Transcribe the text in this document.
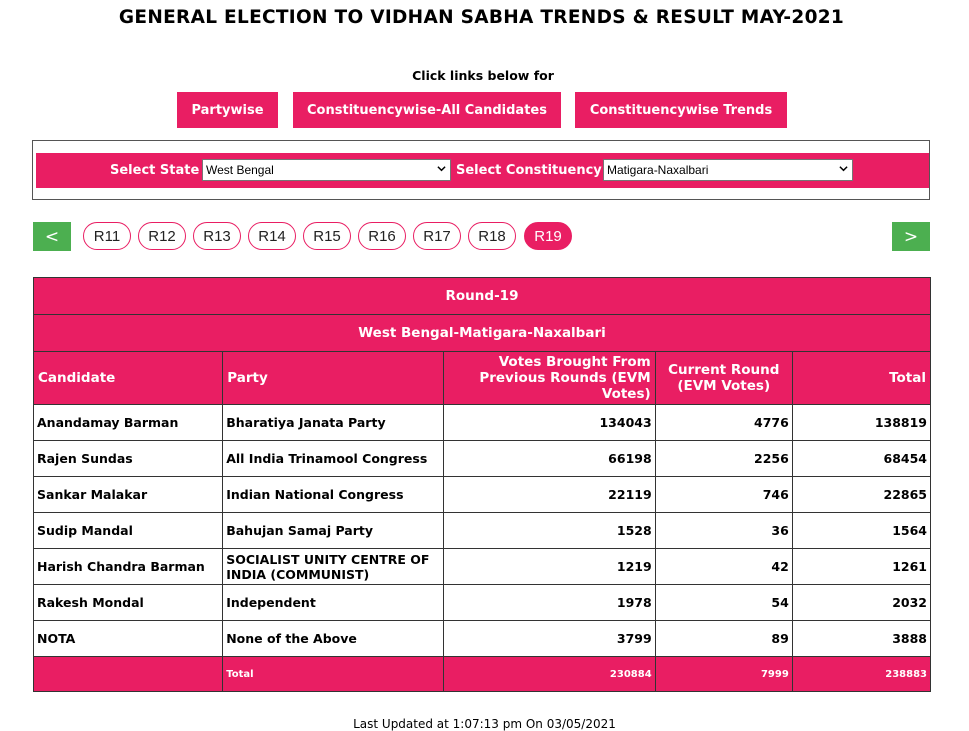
GENERAL ELECTION TO VIDHAN SABHA TRENDS & RESULT MAY-2021
Click links below for
Partywise	Constituencywise-All Candidates	Constituencywise Trends
Select State West Bengal	Select Constituency Matigara-Naxalbari
<	>
R11	R12	R13	R14	R15	R16	R17	R18	R19
Round-19				
West Bengal-Matigara-Naxalbari				
Candidate	Party	Votes Brought From Previous Rounds (EVM Votes)	Current Round (EVM Votes)	Total
Anandamay Barman	Bharatiya Janata Party	134043	4776	138819
Rajen Sundas	All India Trinamool Congress	66198	2256	68454
Sankar Malakar	Indian National Congress	22119	746	22865
Sudip Mandal	Bahujan Samaj Party	1528	36	1564
Harish Chandra Barman	SOCIALIST UNITY CENTRE OF INDIA (COMMUNIST)	1219	42	1261
Rakesh Mondal	Independent	1978	54	2032
NOTA	None of the Above	3799	89	3888
	Total	230884	7999	238883
Last Updated at 1:07:13 pm On 03/05/2021
